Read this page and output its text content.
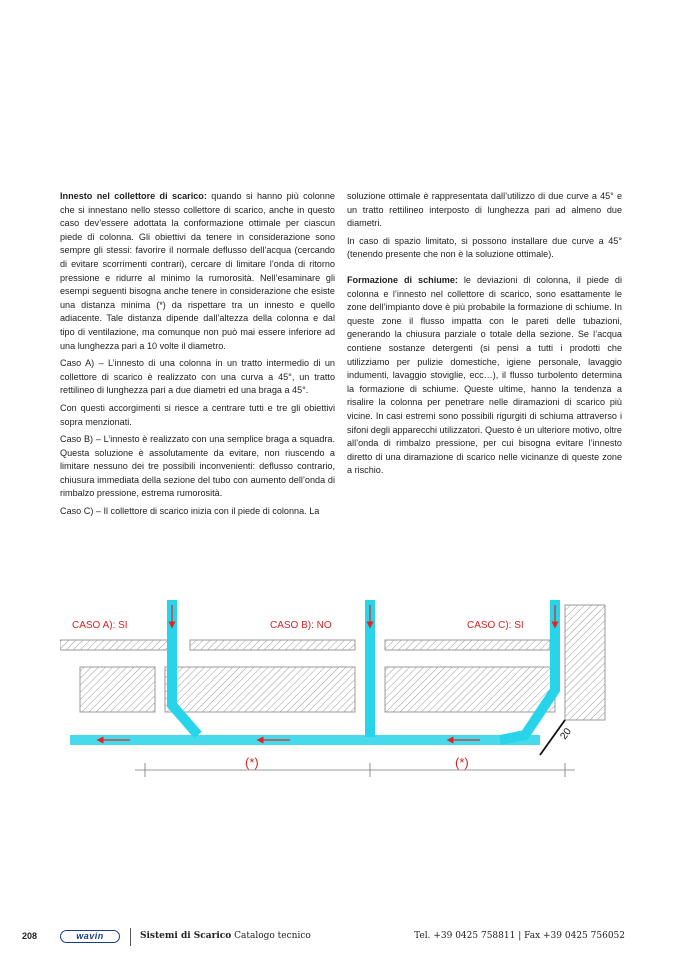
Innesto nel collettore di scarico: quando si hanno più colonne che si innestano nello stesso collettore di scarico, anche in questo caso dev’essere adottata la conformazione ottimale per ciascun piede di colonna. Gli obiettivi da tenere in considerazione sono sempre gli stessi: favorire il normale deflusso dell’acqua (cercando di evitare scorrimenti contrari), cercare di limitare l’onda di ritorno pressione e ridurre al minimo la rumorosità. Nell’esaminare gli esempi seguenti bisogna anche tenere in considerazione che esiste una distanza minima (*) da rispettare tra un innesto e quello adiacente. Tale distanza dipende dall’altezza della colonna e dal tipo di ventilazione, ma comunque non può mai essere inferiore ad una lunghezza pari a 10 volte il diametro.

Caso A) – L’innesto di una colonna in un tratto intermedio di un collettore di scarico è realizzato con una curva a 45°, un tratto rettilineo di lunghezza pari a due diametri ed una braga a 45°.

Con questi accorgimenti si riesce a centrare tutti e tre gli obiettivi sopra menzionati.

Caso B) – L’innesto è realizzato con una semplice braga a squadra. Questa soluzione è assolutamente da evitare, non riuscendo a limitare nessuno dei tre possibili inconvenienti: deflusso contrario, chiusura immediata della sezione del tubo con aumento dell’onda di rimbalzo pressione, estrema rumorosità.

Caso C) – Il collettore di scarico inizia con il piede di colonna. La

soluzione ottimale è rappresentata dall’utilizzo di due curve a 45° e un tratto rettilineo interposto di lunghezza pari ad almeno due diametri.

In caso di spazio limitato, si possono installare due curve a 45° (tenendo presente che non è la soluzione ottimale).

Formazione di schiume: le deviazioni di colonna, il piede di colonna e l’innesto nel collettore di scarico, sono esattamente le zone dell’impianto dove è più probabile la formazione di schiume. In queste zone il flusso impatta con le pareti delle tubazioni, generando la chiusura parziale o totale della sezione. Se l’acqua contiene sostanze detergenti (si pensi a tutti i prodotti che utilizziamo per pulizie domestiche, igiene personale, lavaggio indumenti, lavaggio stoviglie, ecc…), il flusso turbolento determina la formazione di schiume. Queste ultime, hanno la tendenza a risalire la colonna per penetrare nelle diramazioni di scarico più vicine. In casi estremi sono possibili rigurgiti di schiuma attraverso i sifoni degli apparecchi utilizzatori. Questo è un ulteriore motivo, oltre all’onda di rimbalzo pressione, per cui bisogna evitare l’innesto diretto di una diramazione di scarico nelle vicinanze di queste zone a rischio.

CASO A): SI	CASO B): NO	CASO C): SI
(*)	(*)
20
208	wavin	Sistemi di Scarico Catalogo tecnico	Tel. +39 0425 758811 | Fax +39 0425 756052
